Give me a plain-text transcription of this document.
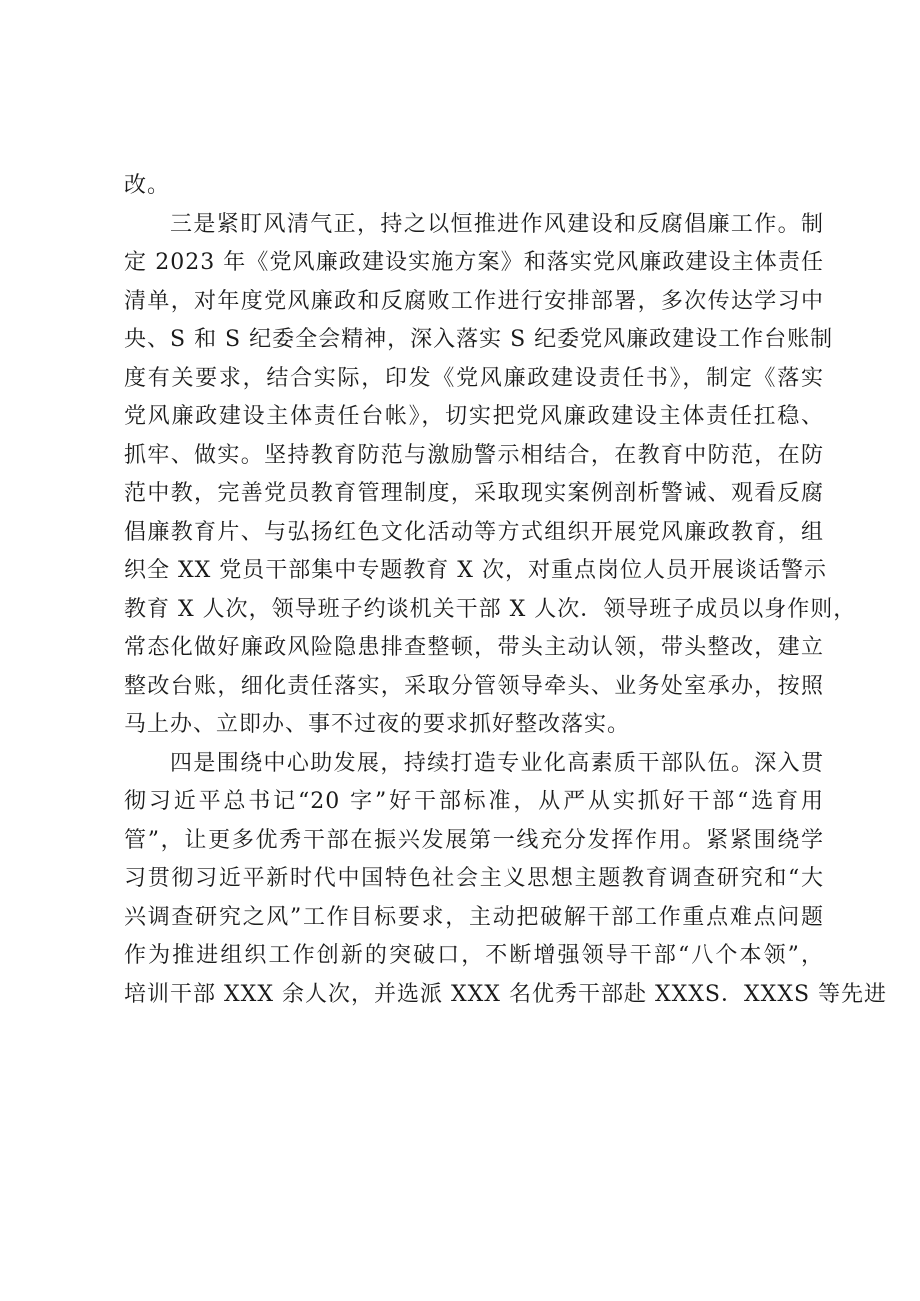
改。
三是紧盯风清气正，持之以恒推进作风建设和反腐倡廉工作。制
定 2023 年《党风廉政建设实施方案》和落实党风廉政建设主体责任
清单，对年度党风廉政和反腐败工作进行安排部署，多次传达学习中
央、S 和 S 纪委全会精神，深入落实 S 纪委党风廉政建设工作台账制
度有关要求，结合实际，印发《党风廉政建设责任书》，制定《落实
党风廉政建设主体责任台帐》，切实把党风廉政建设主体责任扛稳、
抓牢、做实。坚持教育防范与激励警示相结合，在教育中防范，在防
范中教，完善党员教育管理制度，采取现实案例剖析警诫、观看反腐
倡廉教育片、与弘扬红色文化活动等方式组织开展党风廉政教育，组
织全 XX 党员干部集中专题教育 X 次，对重点岗位人员开展谈话警示
教育 X 人次，领导班子约谈机关干部 X 人次．领导班子成员以身作则，
常态化做好廉政风险隐患排查整顿，带头主动认领，带头整改，建立
整改台账，细化责任落实，采取分管领导牵头、业务处室承办，按照
马上办、立即办、事不过夜的要求抓好整改落实。
四是围绕中心助发展，持续打造专业化高素质干部队伍。深入贯
彻习近平总书记“20 字”好干部标准，从严从实抓好干部“选育用
管”，让更多优秀干部在振兴发展第一线充分发挥作用。紧紧围绕学
习贯彻习近平新时代中国特色社会主义思想主题教育调查研究和“大
兴调查研究之风”工作目标要求，主动把破解干部工作重点难点问题
作为推进组织工作创新的突破口，不断增强领导干部“八个本领”，
培训干部 XXX 余人次，并选派 XXX 名优秀干部赴 XXXS．XXXS 等先进
